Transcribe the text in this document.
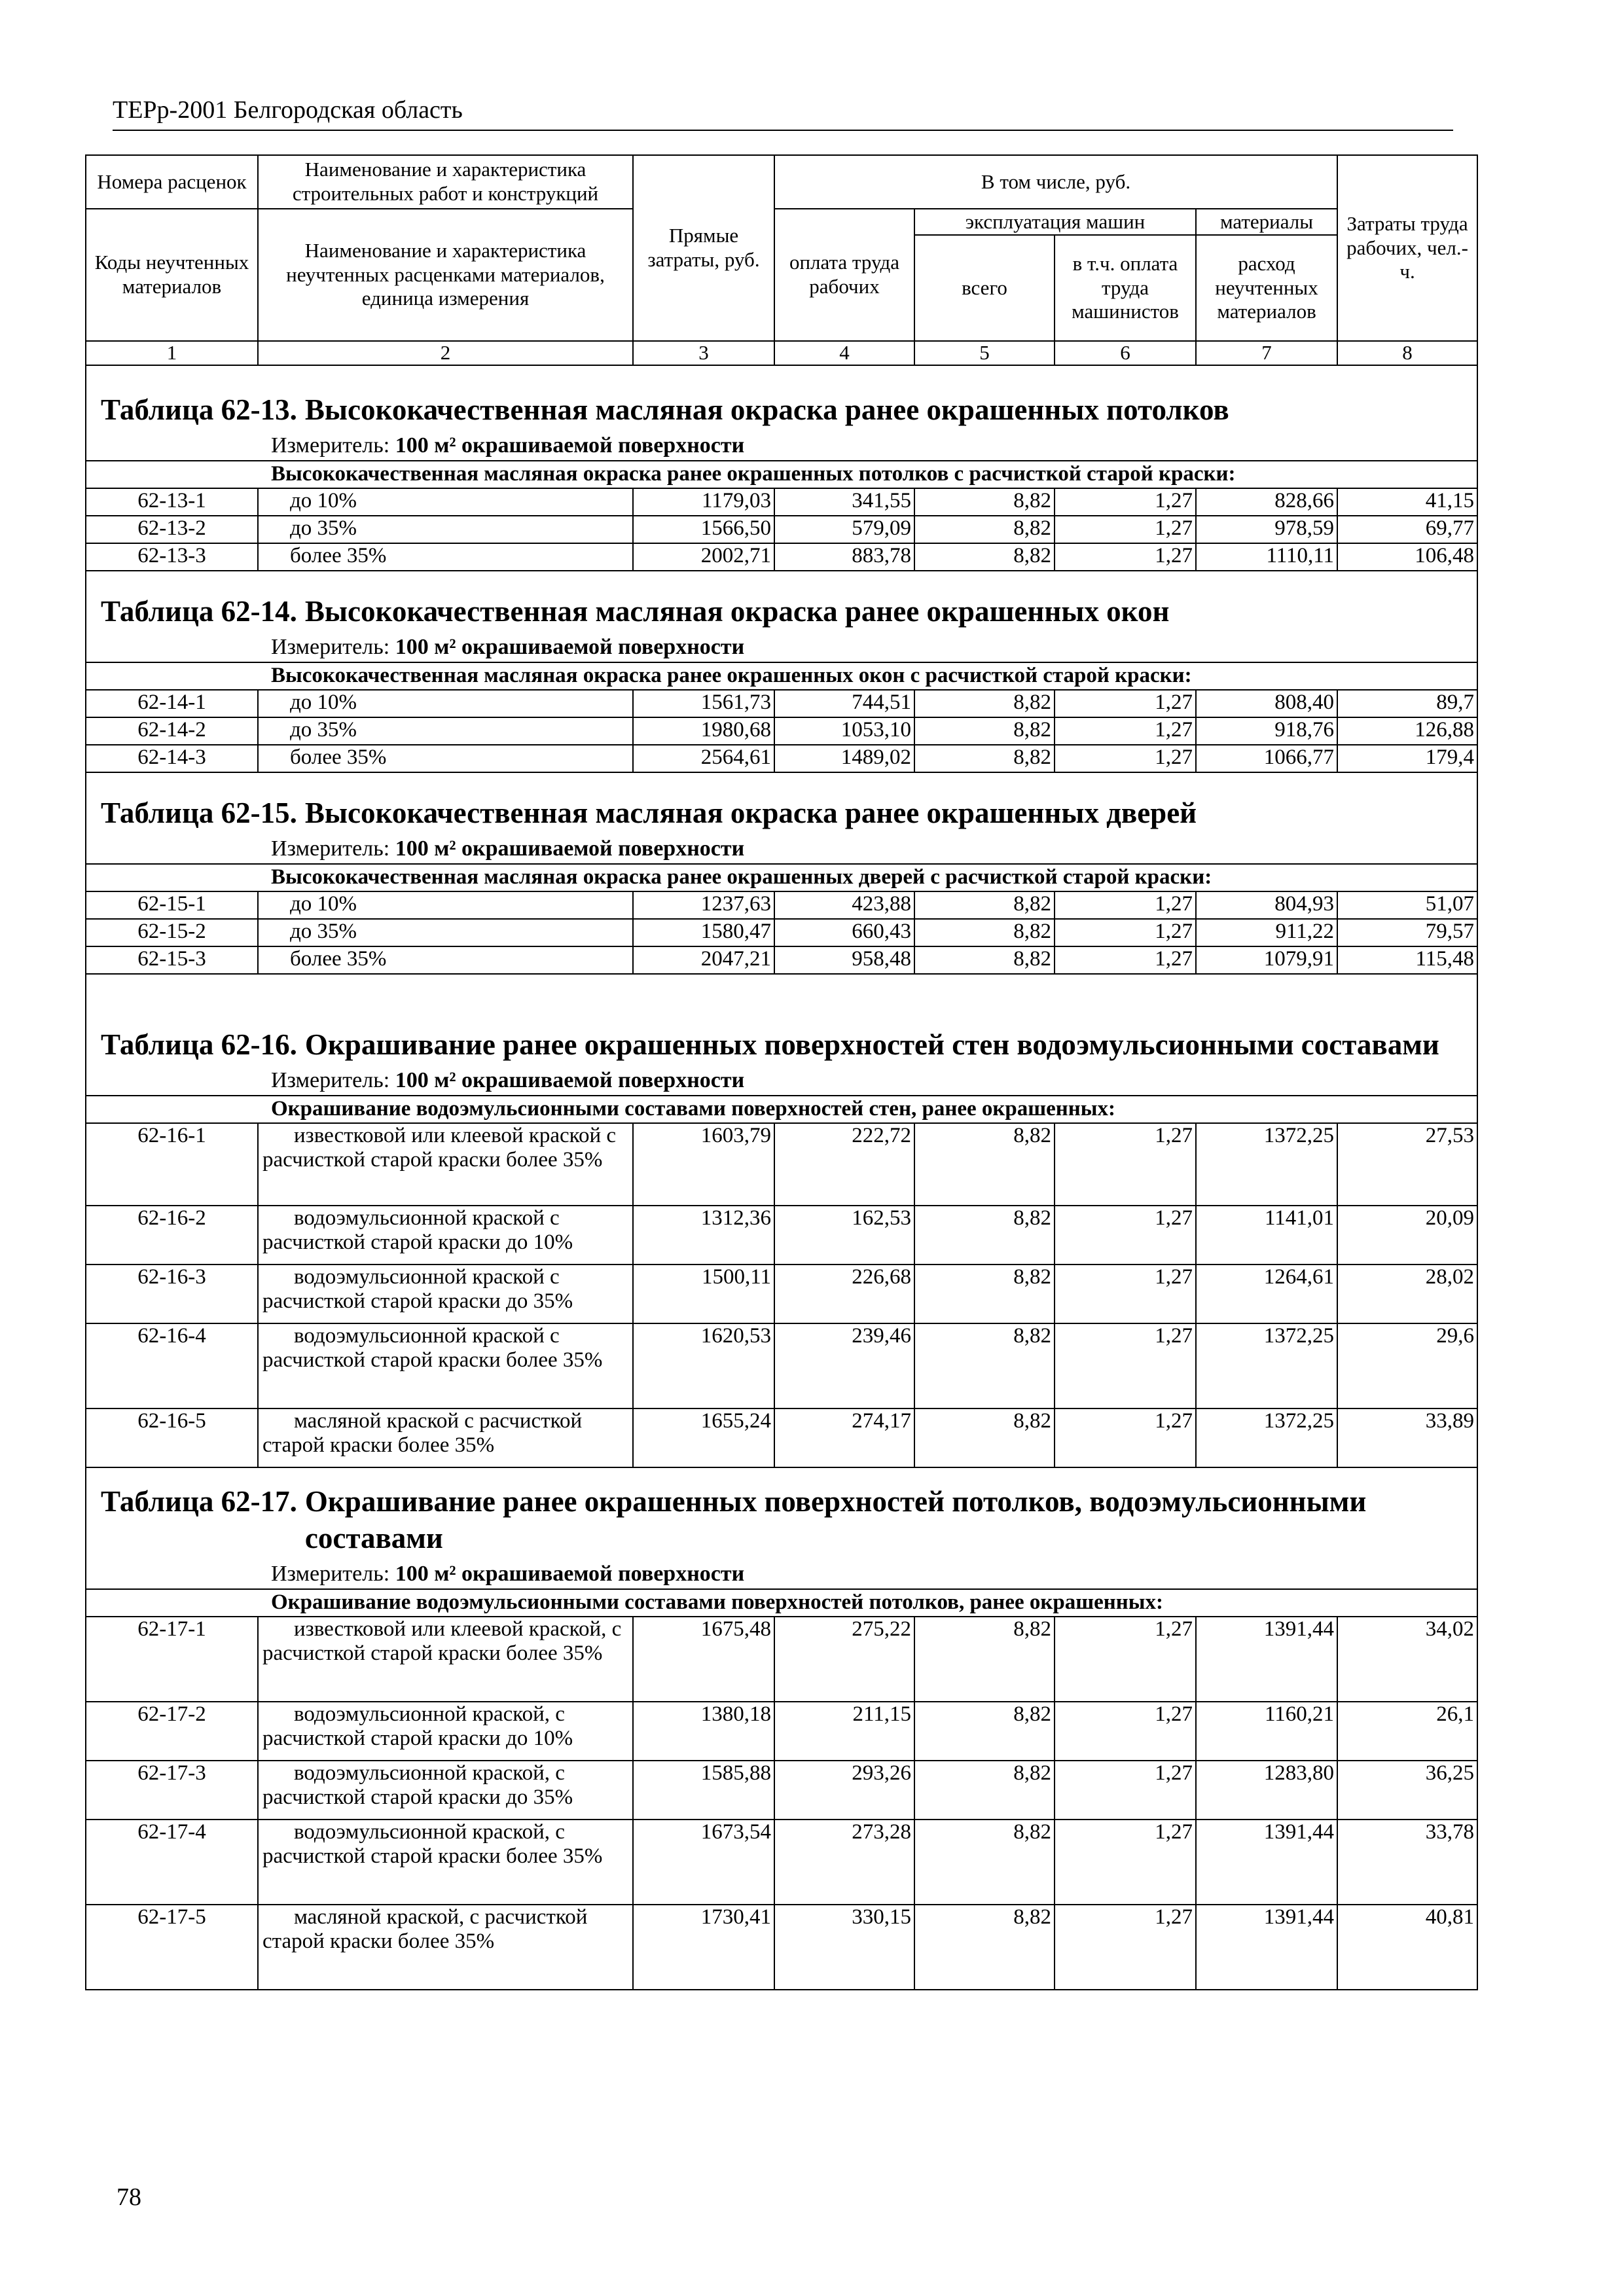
ТЕРр-2001 Белгородская область
Номера расценок	Наименование и характеристика строительных работ и конструкций	Прямые затраты, руб.	В том числе, руб.				Затраты труда рабочих, чел.-ч.
Коды неучтенных материалов	Наименование и характеристика неучтенных расценками материалов, единица измерения		оплата труда рабочих	эксплуатация машин		материалы	
				всего	в т.ч. оплата труда машинистов	расход неучтенных материалов	
1	2	3	4	5	6	7	8

Таблица 62-13. Высококачественная масляная окраска ранее окрашенных потолков							

Измеритель: 100 м² окрашиваемой поверхности							

Высококачественная масляная окраска ранее окрашенных потолков с расчисткой старой краски:							
62-13-1	до 10%	1179,03	341,55	8,82	1,27	828,66	41,15
62-13-2	до 35%	1566,50	579,09	8,82	1,27	978,59	69,77
62-13-3	более 35%	2002,71	883,78	8,82	1,27	1110,11	106,48

Таблица 62-14. Высококачественная масляная окраска ранее окрашенных окон							

Измеритель: 100 м² окрашиваемой поверхности							

Высококачественная масляная окраска ранее окрашенных окон с расчисткой старой краски:							
62-14-1	до 10%	1561,73	744,51	8,82	1,27	808,40	89,7
62-14-2	до 35%	1980,68	1053,10	8,82	1,27	918,76	126,88
62-14-3	более 35%	2564,61	1489,02	8,82	1,27	1066,77	179,4

Таблица 62-15. Высококачественная масляная окраска ранее окрашенных дверей							

Измеритель: 100 м² окрашиваемой поверхности							

Высококачественная масляная окраска ранее окрашенных дверей с расчисткой старой краски:							
62-15-1	до 10%	1237,63	423,88	8,82	1,27	804,93	51,07
62-15-2	до 35%	1580,47	660,43	8,82	1,27	911,22	79,57
62-15-3	более 35%	2047,21	958,48	8,82	1,27	1079,91	115,48

Таблица 62-16. Окрашивание ранее окрашенных поверхностей стен водоэмульсионными составами							

Измеритель: 100 м² окрашиваемой поверхности							

Окрашивание водоэмульсионными составами поверхностей стен, ранее окрашенных:							
62-16-1	известковой или клеевой краской с расчисткой старой краски более 35%	1603,79	222,72	8,82	1,27	1372,25	27,53
62-16-2	водоэмульсионной краской с расчисткой старой краски до 10%	1312,36	162,53	8,82	1,27	1141,01	20,09
62-16-3	водоэмульсионной краской с расчисткой старой краски до 35%	1500,11	226,68	8,82	1,27	1264,61	28,02
62-16-4	водоэмульсионной краской с расчисткой старой краски более 35%	1620,53	239,46	8,82	1,27	1372,25	29,6
62-16-5	масляной краской с расчисткой старой краски более 35%	1655,24	274,17	8,82	1,27	1372,25	33,89

Таблица 62-17. Окрашивание ранее окрашенных поверхностей потолков, водоэмульсионными составами							

Измеритель: 100 м² окрашиваемой поверхности							

Окрашивание водоэмульсионными составами поверхностей потолков, ранее окрашенных:							
62-17-1	известковой или клеевой краской, с расчисткой старой краски более 35%	1675,48	275,22	8,82	1,27	1391,44	34,02
62-17-2	водоэмульсионной краской, с расчисткой старой краски до 10%	1380,18	211,15	8,82	1,27	1160,21	26,1
62-17-3	водоэмульсионной краской, с расчисткой старой краски до 35%	1585,88	293,26	8,82	1,27	1283,80	36,25
62-17-4	водоэмульсионной краской, с расчисткой старой краски более 35%	1673,54	273,28	8,82	1,27	1391,44	33,78
62-17-5	масляной краской, с расчисткой старой краски более 35%	1730,41	330,15	8,82	1,27	1391,44	40,81
78
